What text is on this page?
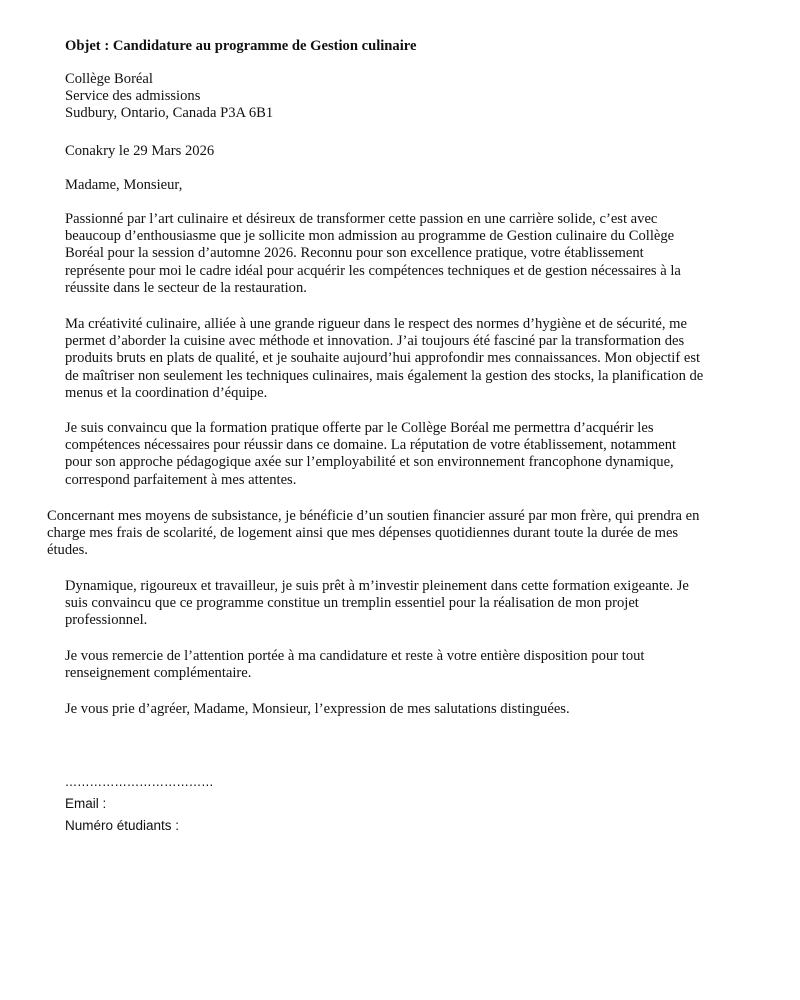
Objet : Candidature au programme de Gestion culinaire

Collège Boréal

Service des admissions

Sudbury, Ontario, Canada P3A 6B1

Conakry le 29 Mars 2026

Madame, Monsieur,

Passionné par l’art culinaire et désireux de transformer cette passion en une carrière solide, c’est avec beaucoup d’enthousiasme que je sollicite mon admission au programme de Gestion culinaire du Collège Boréal pour la session d’automne 2026. Reconnu pour son excellence pratique, votre établissement représente pour moi le cadre idéal pour acquérir les compétences techniques et de gestion nécessaires à la réussite dans le secteur de la restauration.

Ma créativité culinaire, alliée à une grande rigueur dans le respect des normes d’hygiène et de sécurité, me permet d’aborder la cuisine avec méthode et innovation. J’ai toujours été fasciné par la transformation des produits bruts en plats de qualité, et je souhaite aujourd’hui approfondir mes connaissances. Mon objectif est de maîtriser non seulement les techniques culinaires, mais également la gestion des stocks, la planification de menus et la coordination d’équipe.

Je suis convaincu que la formation pratique offerte par le Collège Boréal me permettra d’acquérir les compétences nécessaires pour réussir dans ce domaine. La réputation de votre établissement, notamment pour son approche pédagogique axée sur l’employabilité et son environnement francophone dynamique, correspond parfaitement à mes attentes.

Concernant mes moyens de subsistance, je bénéficie d’un soutien financier assuré par mon frère, qui prendra en charge mes frais de scolarité, de logement ainsi que mes dépenses quotidiennes durant toute la durée de mes études.

Dynamique, rigoureux et travailleur, je suis prêt à m’investir pleinement dans cette formation exigeante. Je suis convaincu que ce programme constitue un tremplin essentiel pour la réalisation de mon projet professionnel.

Je vous remercie de l’attention portée à ma candidature et reste à votre entière disposition pour tout renseignement complémentaire.

Je vous prie d’agréer, Madame, Monsieur, l’expression de mes salutations distinguées.

………………………………

Email :

Numéro étudiants :
